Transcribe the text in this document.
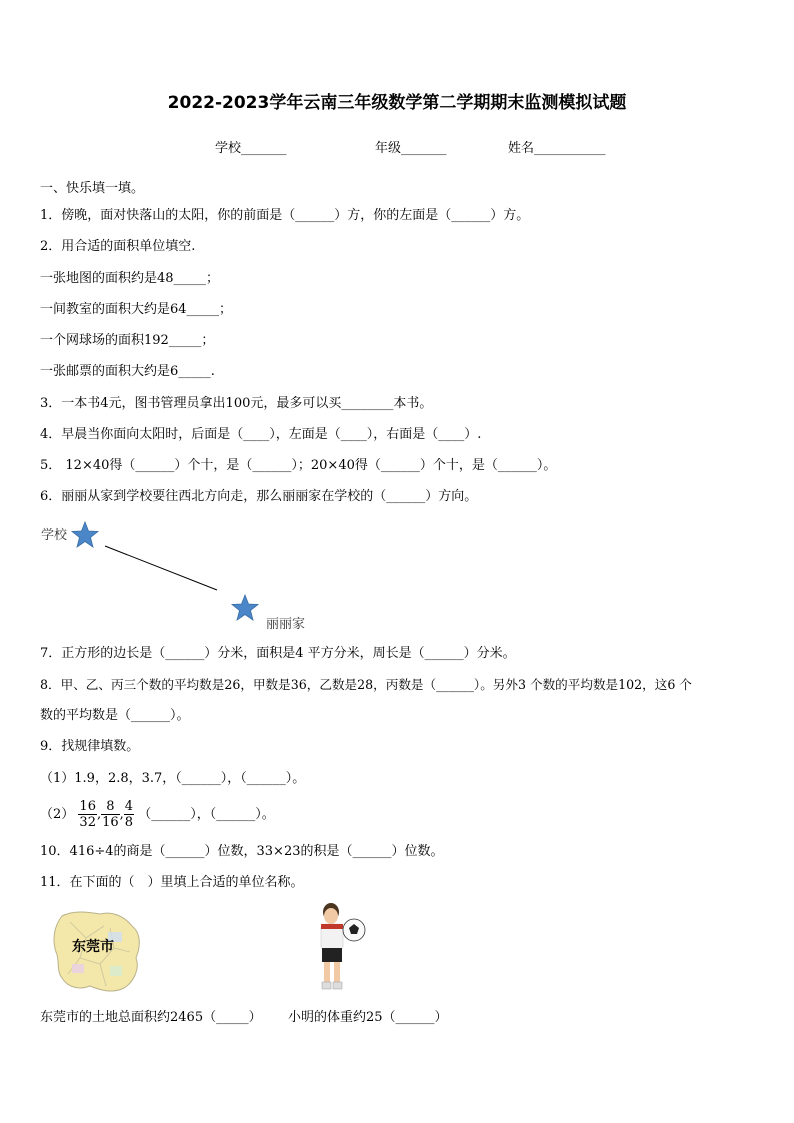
2022-2023学年云南三年级数学第二学期期末监测模拟试题
学校_______	年级_______	姓名___________
一、快乐填一填。
1．傍晚，面对快落山的太阳，你的前面是（______）方，你的左面是（______）方。
2．用合适的面积单位填空.
一张地图的面积约是48_____；
一间教室的面积大约是64_____；
一个网球场的面积192_____；
一张邮票的面积大约是6_____.
3．一本书4元，图书管理员拿出100元，最多可以买________本书。
4．早晨当你面向太阳时，后面是（____），左面是（____），右面是（____）.
5． 12×40得（______）个十，是（______）；20×40得（______）个十，是（______）。
6．丽丽从家到学校要往西北方向走，那么丽丽家在学校的（______）方向。
学校
丽丽家
7．正方形的边长是（______）分米，面积是4 平方分米，周长是（______）分米。
8．甲、乙、丙三个数的平均数是26，甲数是36，乙数是28，丙数是（______）。另外3 个数的平均数是102，这6 个
数的平均数是（______）。
9．找规律填数。
（1）1.9，2.8，3.7，（______），（______）。
$(2) \frac{16}{32}$ , $\frac{8}{16}$ , $\frac{4}{8}$ （______），（______）。
10．416÷4的商是（______）位数，33×23的积是（______）位数。
11．在下面的（　）里填上合适的单位名称。
东莞市
东莞市的土地总面积约2465（_____） 小明的体重约25（______）
